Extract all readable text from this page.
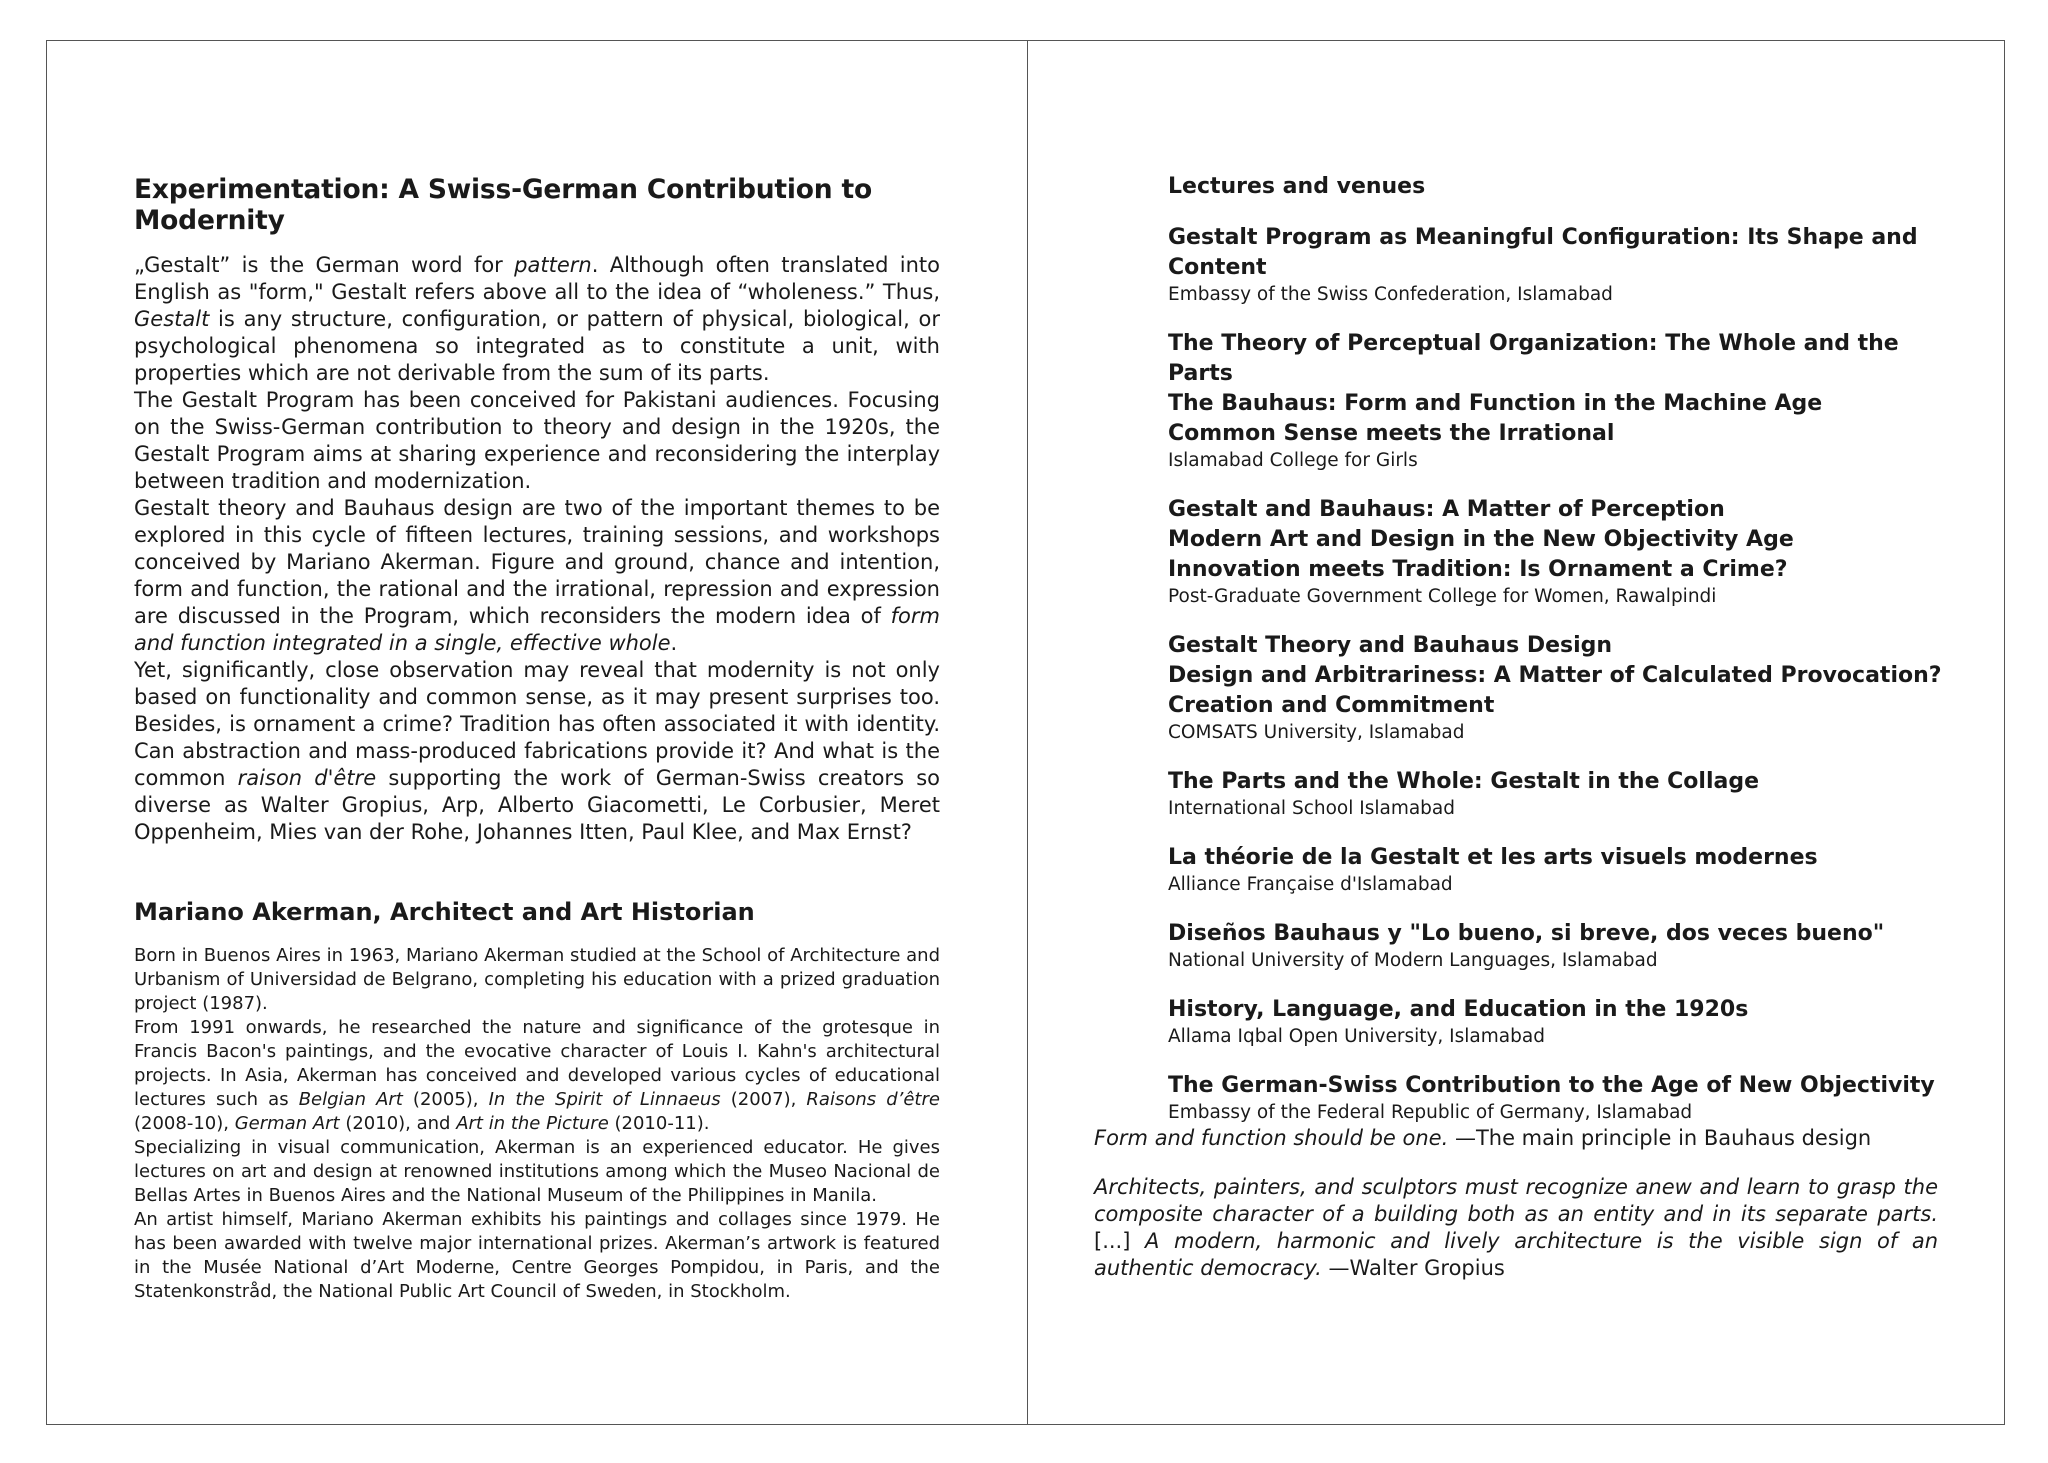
Experimentation: A Swiss-German Contribution to Modernity

„Gestalt” is the German word for pattern. Although often translated into English as "form," Gestalt refers above all to the idea of “wholeness.” Thus, Gestalt is any structure, configuration, or pattern of physical, biological, or psychological phenomena so integrated as to constitute a unit, with properties which are not derivable from the sum of its parts.

The Gestalt Program has been conceived for Pakistani audiences. Focusing on the Swiss-German contribution to theory and design in the 1920s, the Gestalt Program aims at sharing experience and reconsidering the interplay between tradition and modernization.

Gestalt theory and Bauhaus design are two of the important themes to be explored in this cycle of fifteen lectures, training sessions, and workshops conceived by Mariano Akerman. Figure and ground, chance and intention, form and function, the rational and the irrational, repression and expression are discussed in the Program, which reconsiders the modern idea of form and function integrated in a single, effective whole.

Yet, significantly, close observation may reveal that modernity is not only based on functionality and common sense, as it may present surprises too. Besides, is ornament a crime? Tradition has often associated it with identity. Can abstraction and mass-produced fabrications provide it? And what is the common raison d'être supporting the work of German-Swiss creators so diverse as Walter Gropius, Arp, Alberto Giacometti, Le Corbusier, Meret Oppenheim, Mies van der Rohe, Johannes Itten, Paul Klee, and Max Ernst?

Mariano Akerman, Architect and Art Historian

Born in Buenos Aires in 1963, Mariano Akerman studied at the School of Architecture and Urbanism of Universidad de Belgrano, completing his education with a prized graduation project (1987).

From 1991 onwards, he researched the nature and significance of the grotesque in Francis Bacon's paintings, and the evocative character of Louis I. Kahn's architectural projects. In Asia, Akerman has conceived and developed various cycles of educational lectures such as Belgian Art (2005), In the Spirit of Linnaeus (2007), Raisons d’être (2008-10), German Art (2010), and Art in the Picture (2010-11).

Specializing in visual communication, Akerman is an experienced educator. He gives lectures on art and design at renowned institutions among which the Museo Nacional de Bellas Artes in Buenos Aires and the National Museum of the Philippines in Manila.

An artist himself, Mariano Akerman exhibits his paintings and collages since 1979. He has been awarded with twelve major international prizes. Akerman’s artwork is featured in the Musée National d’Art Moderne, Centre Georges Pompidou, in Paris, and the Statenkonstråd, the National Public Art Council of Sweden, in Stockholm.

Lectures and venues
Gestalt Program as Meaningful Configuration: Its Shape and Content
Embassy of the Swiss Confederation, Islamabad
The Theory of Perceptual Organization: The Whole and the Parts
The Bauhaus: Form and Function in the Machine Age
Common Sense meets the Irrational
Islamabad College for Girls
Gestalt and Bauhaus: A Matter of Perception
Modern Art and Design in the New Objectivity Age
Innovation meets Tradition: Is Ornament a Crime?
Post-Graduate Government College for Women, Rawalpindi
Gestalt Theory and Bauhaus Design
Design and Arbitrariness: A Matter of Calculated Provocation?
Creation and Commitment
COMSATS University, Islamabad
The Parts and the Whole: Gestalt in the Collage
International School Islamabad
La théorie de la Gestalt et les arts visuels modernes
Alliance Française d'Islamabad
Diseños Bauhaus y "Lo bueno, si breve, dos veces bueno"
National University of Modern Languages, Islamabad
History, Language, and Education in the 1920s
Allama Iqbal Open University, Islamabad
The German-Swiss Contribution to the Age of New Objectivity
Embassy of the Federal Republic of Germany, Islamabad

Form and function should be one. —The main principle in Bauhaus design

Architects, painters, and sculptors must recognize anew and learn to grasp the composite character of a building both as an entity and in its separate parts. [...] A modern, harmonic and lively architecture is the visible sign of an authentic democracy. —Walter Gropius
